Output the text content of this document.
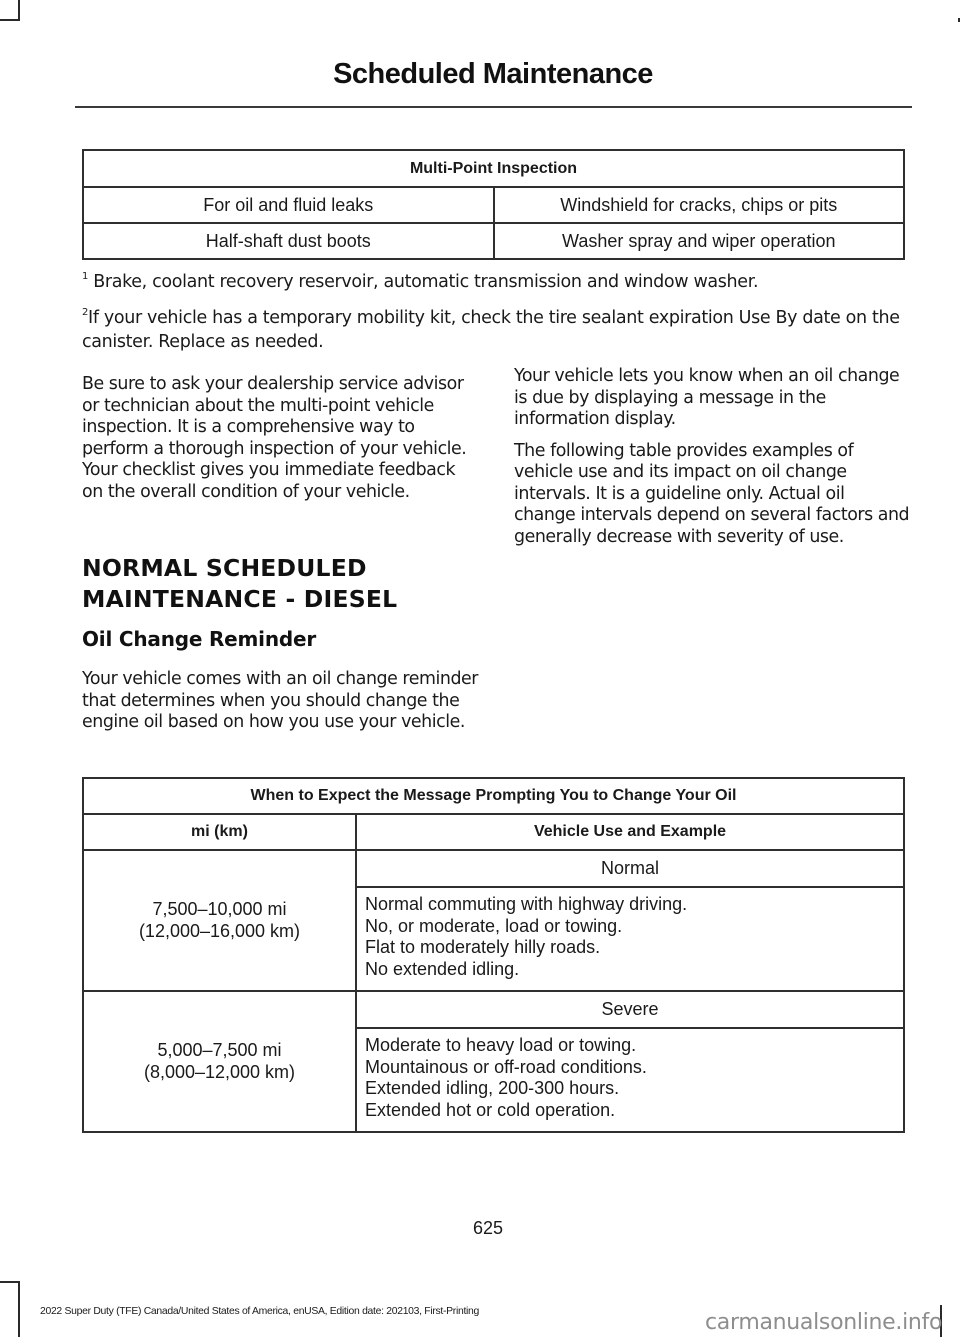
Scheduled Maintenance
Multi-Point Inspection	
For oil and fluid leaks	Windshield for cracks, chips or pits
Half-shaft dust boots	Washer spray and wiper operation
$^1$ Brake, coolant recovery reservoir, automatic transmission and window washer.
$^2$If your vehicle has a temporary mobility kit, check the tire sealant expiration Use By date on the canister. Replace as needed.

Be sure to ask your dealership service advisor or technician about the multi-point vehicle inspection. It is a comprehensive way to perform a thorough inspection of your vehicle. Your checklist gives you immediate feedback on the overall condition of your vehicle.

NORMAL SCHEDULED
MAINTENANCE - DIESEL
Oil Change Reminder
Your vehicle comes with an oil change reminder that determines when you should change the engine oil based on how you use your vehicle.

Your vehicle lets you know when an oil change is due by displaying a message in the information display.

The following table provides examples of vehicle use and its impact on oil change intervals. It is a guideline only. Actual oil change intervals depend on several factors and generally decrease with severity of use.

When to Expect the Message Prompting You to Change Your Oil	
mi (km)	Vehicle Use and Example

7,500–10,000 mi
(12,000–16,000 km)	Normal

	Normal commuting with highway driving.
No, or moderate, load or towing.
Flat to moderately hilly roads.
No extended idling.

5,000–7,500 mi
(8,000–12,000 km)	Severe

	Moderate to heavy load or towing.
Mountainous or off-road conditions.
Extended idling, 200-300 hours.
Extended hot or cold operation.
625
2022 Super Duty (TFE) Canada/United States of America, enUSA, Edition date: 202103, First-Printing	carmanualsonline.info
